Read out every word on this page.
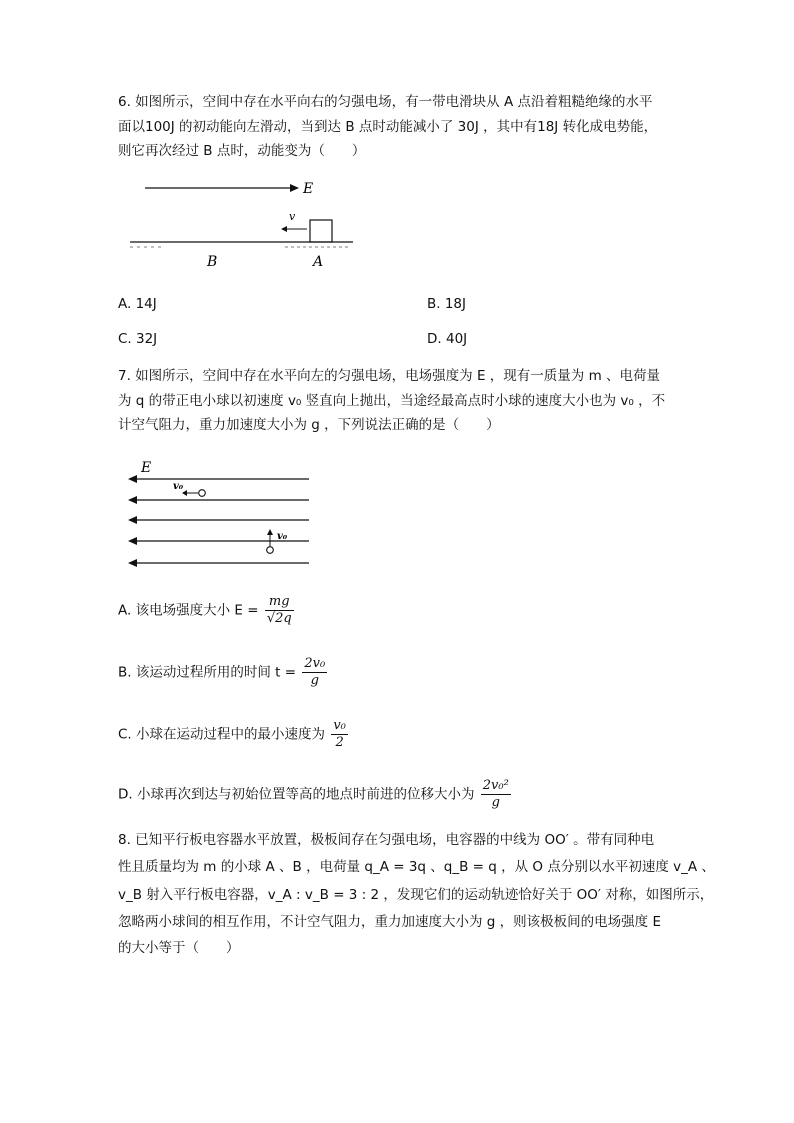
6. 如图所示，空间中存在水平向右的匀强电场，有一带电滑块从 A 点沿着粗糙绝缘的水平
面以100J 的初动能向左滑动，当到达 B 点时动能减小了 30J ，其中有18J 转化成电势能，
则它再次经过 B 点时，动能变为（　　）
E
v
B	A
A. 14J	B. 18J
C. 32J	D. 40J
7. 如图所示，空间中存在水平向左的匀强电场，电场强度为 E ，现有一质量为 m 、电荷量
为 q 的带正电小球以初速度 v₀ 竖直向上抛出，当途经最高点时小球的速度大小也为 v₀ ，不
计空气阻力，重力加速度大小为 g ，下列说法正确的是（　　）
E
v₀
v₀
A. 该电场强度大小 $E = \frac{mg}{√2q}$
B. 该运动过程所用的时间 $t = \frac{\text{2v₀}}{g}$
C. 小球在运动过程中的最小速度为 $\frac{\text{v₀}}{2}$
D. 小球再次到达与初始位置等高的地点时前进的位移大小为 $\frac{\text{2v₀²}}{g}$
8. 已知平行板电容器水平放置，极板间存在匀强电场，电容器的中线为 OO′ 。带有同种电
性且质量均为 m 的小球 A 、B ，电荷量 q_A = 3q 、q_B = q ，从 O 点分别以水平初速度 v_A 、
v_B 射入平行板电容器，v_A : v_B = 3 : 2 ，发现它们的运动轨迹恰好关于 OO′ 对称，如图所示，
忽略两小球间的相互作用，不计空气阻力，重力加速度大小为 g ，则该极板间的电场强度 E
的大小等于（　　）
